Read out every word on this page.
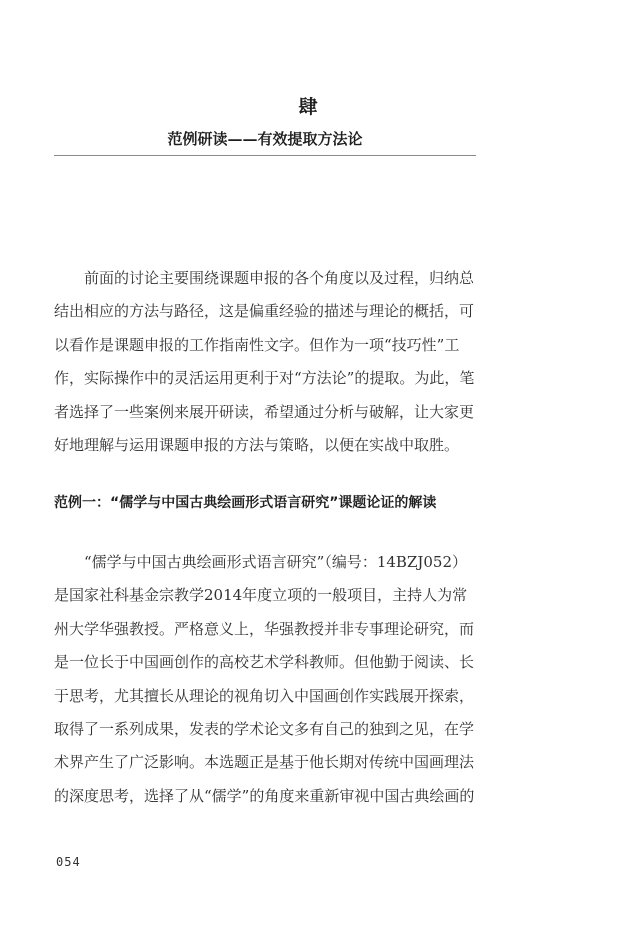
肆
范例研读——有效提取方法论
前面的讨论主要围绕课题申报的各个角度以及过程，归纳总
结出相应的方法与路径，这是偏重经验的描述与理论的概括，可
以看作是课题申报的工作指南性文字。但作为一项“技巧性”工
作，实际操作中的灵活运用更利于对“方法论”的提取。为此，笔
者选择了一些案例来展开研读，希望通过分析与破解，让大家更
好地理解与运用课题申报的方法与策略，以便在实战中取胜。
范例一：“儒学与中国古典绘画形式语言研究”课题论证的解读
“儒学与中国古典绘画形式语言研究”（编号：14BZJ052）
是国家社科基金宗教学2014年度立项的一般项目，主持人为常
州大学华强教授。严格意义上，华强教授并非专事理论研究，而
是一位长于中国画创作的高校艺术学科教师。但他勤于阅读、长
于思考，尤其擅长从理论的视角切入中国画创作实践展开探索，
取得了一系列成果，发表的学术论文多有自己的独到之见，在学
术界产生了广泛影响。本选题正是基于他长期对传统中国画理法
的深度思考，选择了从“儒学”的角度来重新审视中国古典绘画的
054
